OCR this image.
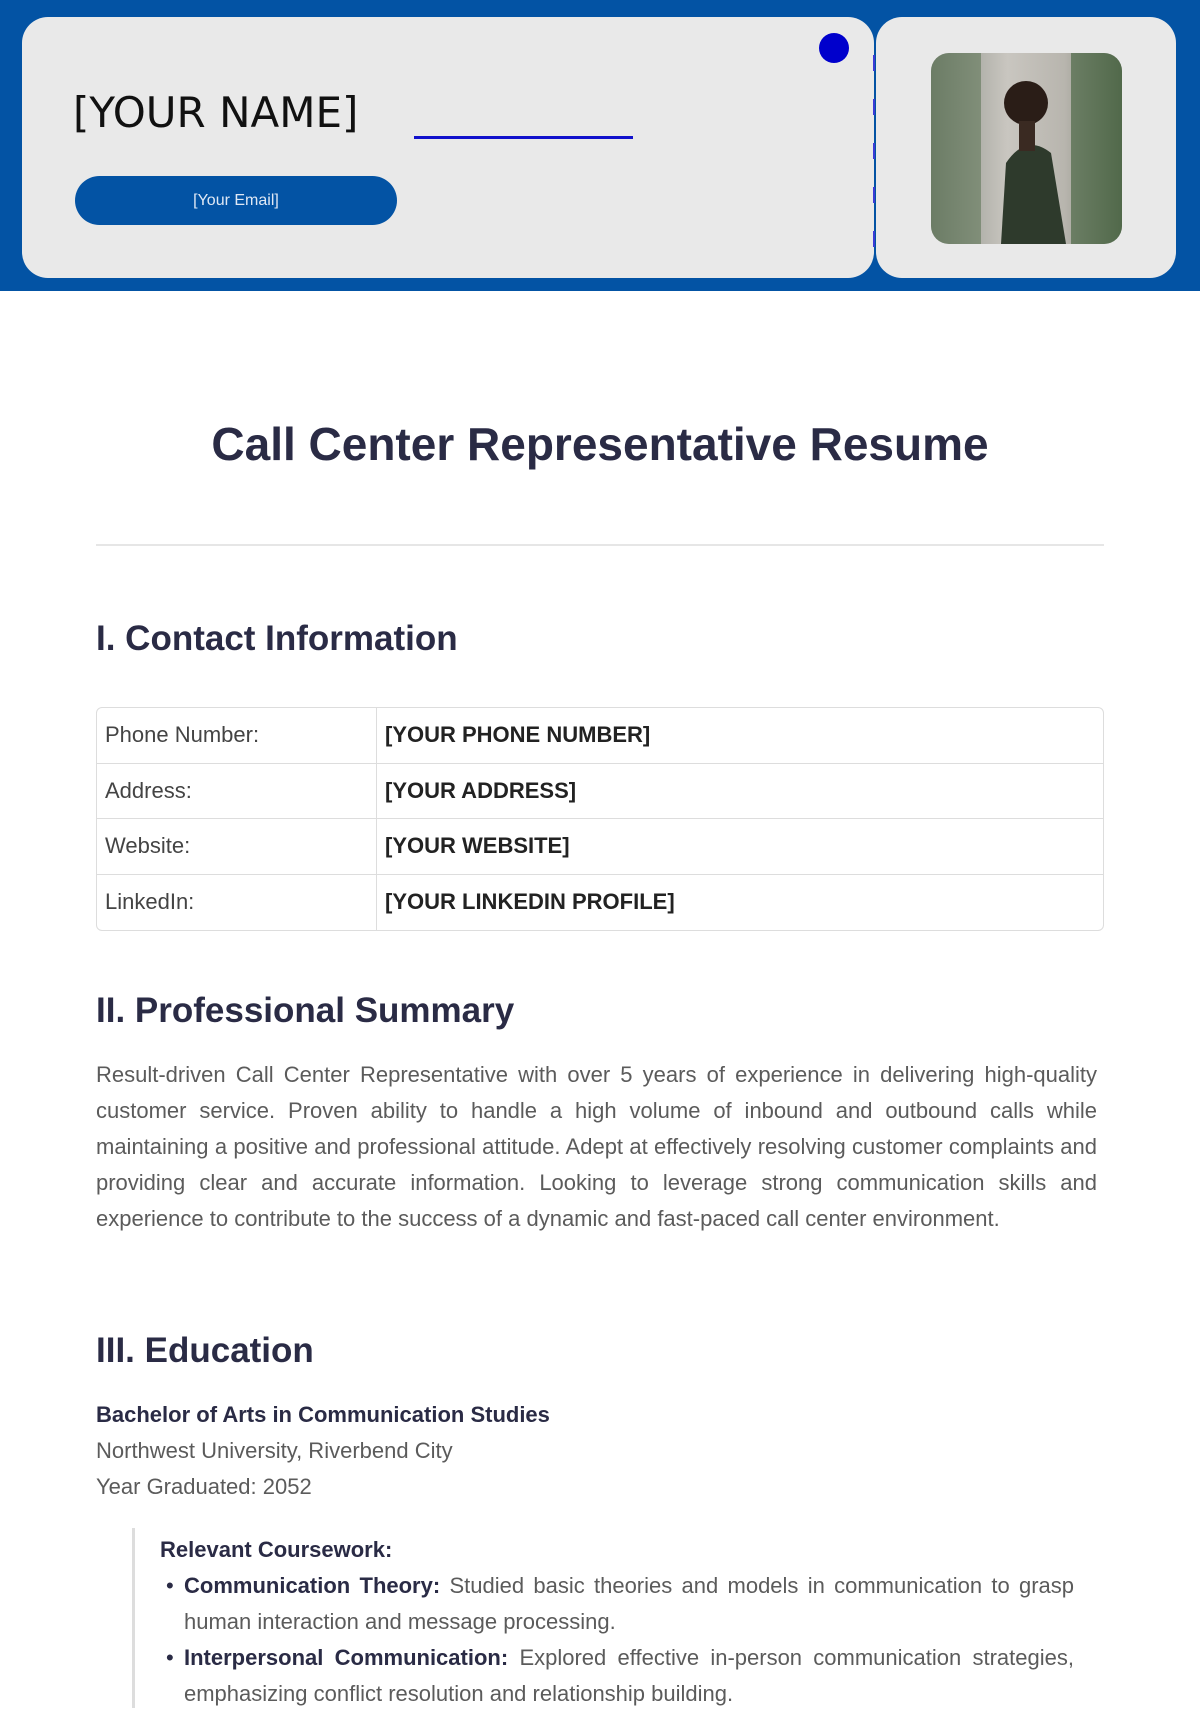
[YOUR NAME]
[Your Email]
Call Center Representative Resume
I. Contact Information
Phone Number:	[YOUR PHONE NUMBER]
Address:	[YOUR ADDRESS]
Website:	[YOUR WEBSITE]
LinkedIn:	[YOUR LINKEDIN PROFILE]
II. Professional Summary

Result-driven Call Center Representative with over 5 years of experience in delivering high-quality customer service. Proven ability to handle a high volume of inbound and outbound calls while maintaining a positive and professional attitude. Adept at effectively resolving customer complaints and providing clear and accurate information. Looking to leverage strong communication skills and experience to contribute to the success of a dynamic and fast-paced call center environment.

III. Education
Bachelor of Arts in Communication Studies
Northwest University, Riverbend City
Year Graduated: 2052
Relevant Coursework:
• Communication Theory: Studied basic theories and models in communication to grasp human interaction and message processing.
• Interpersonal Communication: Explored effective in-person communication strategies, emphasizing conflict resolution and relationship building.
